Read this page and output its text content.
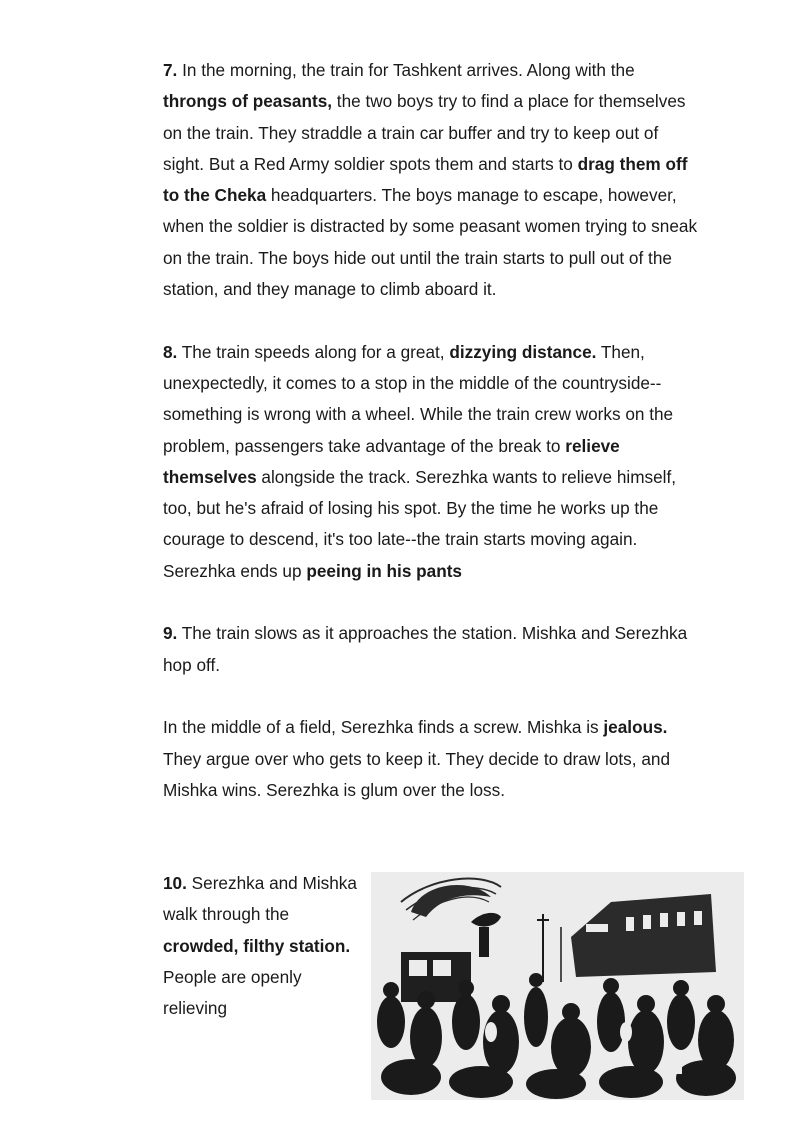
7. In the morning, the train for Tashkent arrives. Along with the throngs of peasants, the two boys try to find a place for themselves on the train. They straddle a train car buffer and try to keep out of sight. But a Red Army soldier spots them and starts to drag them off to the Cheka headquarters. The boys manage to escape, however, when the soldier is distracted by some peasant women trying to sneak on the train. The boys hide out until the train starts to pull out of the station, and they manage to climb aboard it.

8. The train speeds along for a great, dizzying distance. Then, unexpectedly, it comes to a stop in the middle of the countryside--something is wrong with a wheel. While the train crew works on the problem, passengers take advantage of the break to relieve themselves alongside the track. Serezhka wants to relieve himself, too, but he's afraid of losing his spot. By the time he works up the courage to descend, it's too late--the train starts moving again. Serezhka ends up peeing in his pants

9. The train slows as it approaches the station. Mishka and Serezhka hop off.

In the middle of a field, Serezhka finds a screw. Mishka is jealous. They argue over who gets to keep it. They decide to draw lots, and Mishka wins. Serezhka is glum over the loss.

10. Serezhka and Mishka walk through the crowded, filthy station. People are openly relieving
